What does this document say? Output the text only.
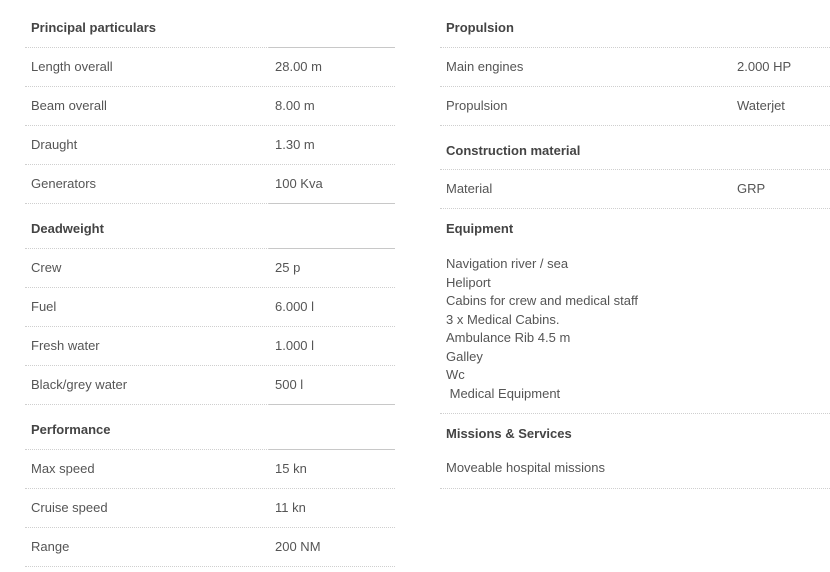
Principal particulars
Length overall	28.00 m
Beam overall	8.00 m
Draught	1.30 m
Generators	100 Kva
Deadweight
Crew	25 p
Fuel	6.000 l
Fresh water	1.000 l
Black/grey water	500 l
Performance
Max speed	15 kn
Cruise speed	11 kn
Range	200 NM
Propulsion
Main engines	2.000 HP
Propulsion	Waterjet
Construction material
Material	GRP
Equipment
Navigation river / sea
Heliport
Cabins for crew and medical staff
3 x Medical Cabins.
Ambulance Rib 4.5 m
Galley
Wc
Medical Equipment
Missions & Services
Moveable hospital missions
